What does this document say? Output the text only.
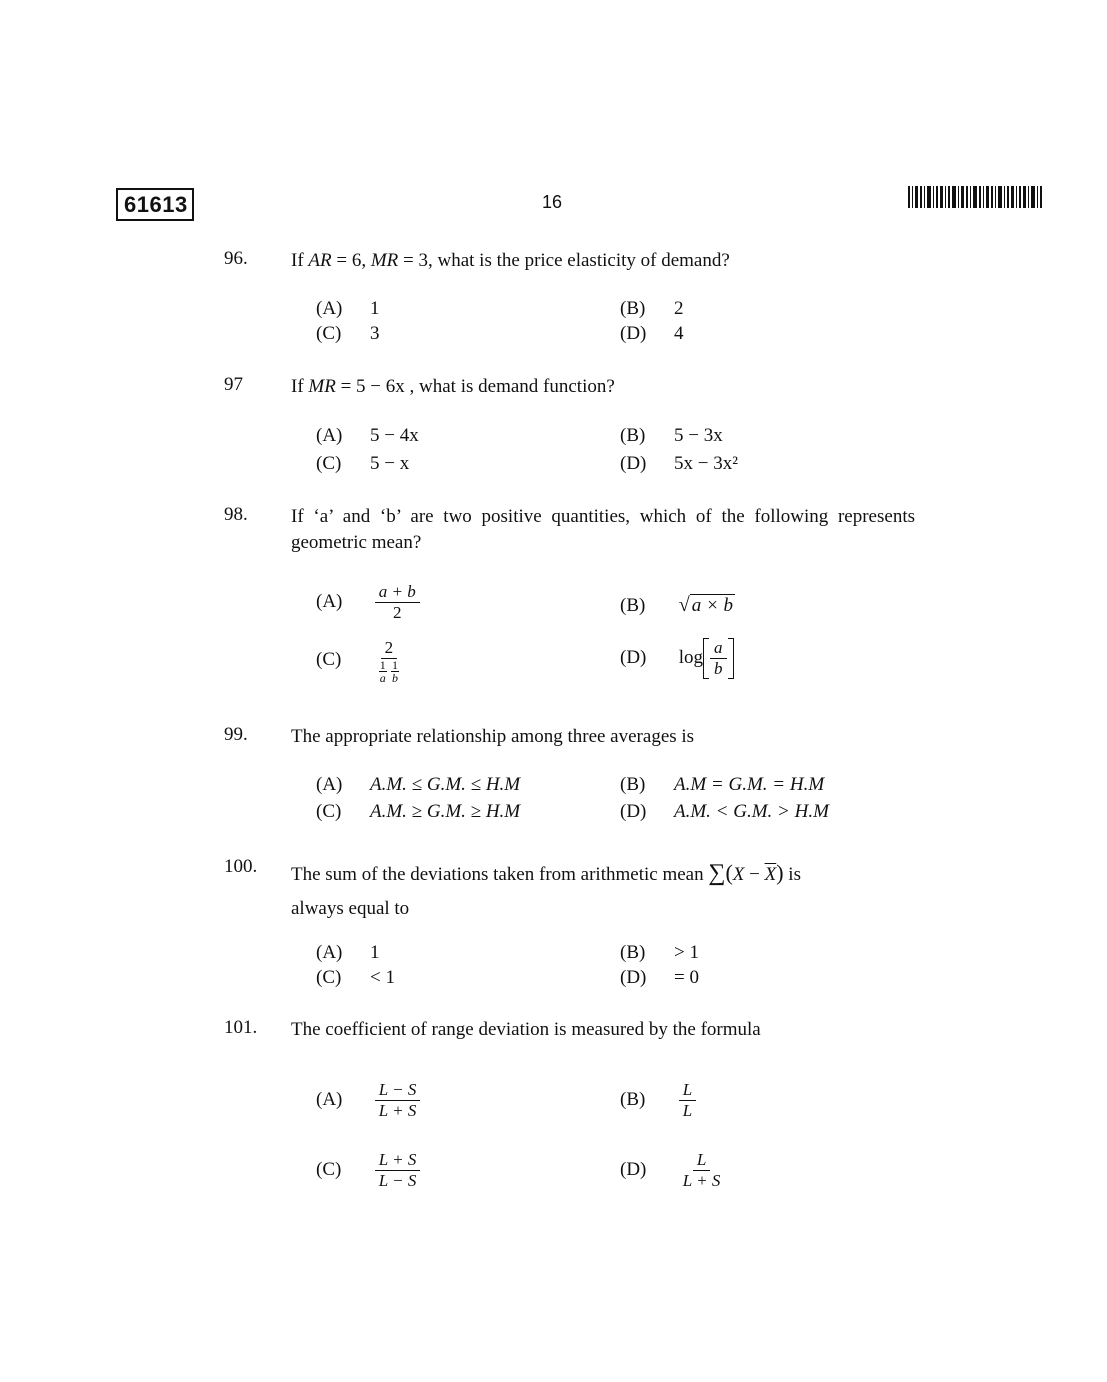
61613	16
96. If AR = 6, MR = 3, what is the price elasticity of demand?
(A) 1	(B) 2
(C) 3	(D) 4
97	If MR = 5 − 6x , what is demand function?
(A) 5 − 4x	(B) 5 − 3x
(C) 5 − x	(D) 5x − 3x²
98. If ‘a’ and ‘b’ are two positive quantities, which of the following represents geometric mean?
$(A) \frac{a + b}{2}$	(B) √ a × b
(C) 2
$\frac{1}{a}$
$\frac{1}{b}$	(D) $\log \frac{a}{b}$
99. The appropriate relationship among three averages is
(A) A.M. ≤ G.M. ≤ H.M	(B) A.M = G.M. = H.M
(C) A.M. ≥ G.M. ≥ H.M	(D) A.M. < G.M. > H.M
100. The sum of the deviations taken from arithmetic mean $\sum(X - \overline{X})$ is
always equal to
(A) 1	(B) > 1
(C) < 1	(D) = 0
101. The coefficient of range deviation is measured by the formula
$(A) \frac{L - S}{L + S}$	$(B) \frac{L}{L}$
$(C) \frac{L + S}{L - S}$	$(D) \frac{L}{L + S}$
